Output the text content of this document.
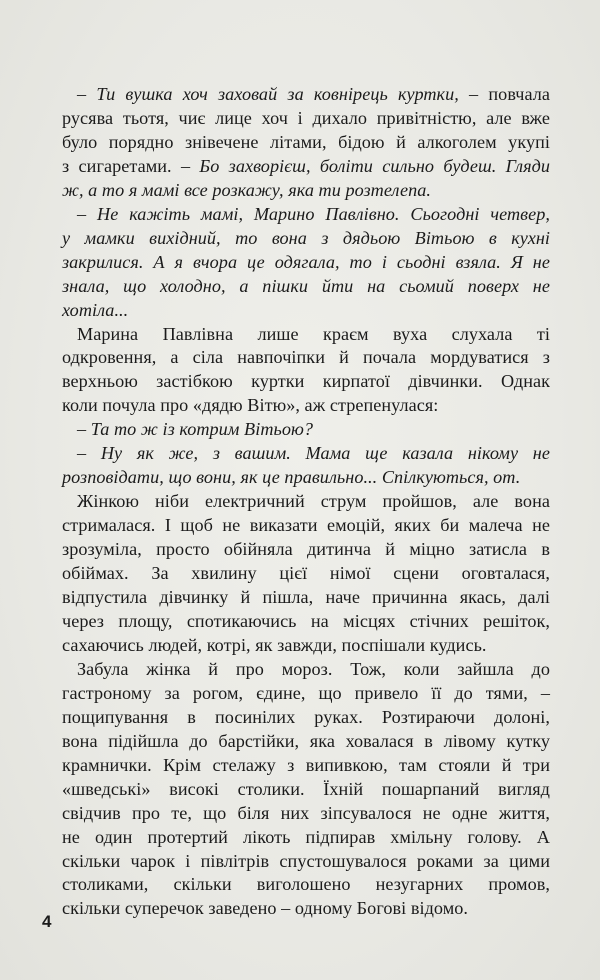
– Ти вушка хоч заховай за ковнірець куртки, – повчала
русява тьотя, чиє лице хоч і дихало привітністю, але вже
було порядно знівечене літами, бідою й алкоголем укупі
з сигаретами. – Бо захворієш, боліти сильно будеш. Гляди
ж, а то я мамі все розкажу, яка ти розтелепа.
– Не кажіть мамі, Марино Павлівно. Сьогодні четвер,
у мамки вихідний, то вона з дядьою Вітьою в кухні
закрилися. А я вчора це одягала, то і сьодні взяла. Я не
знала, що холодно, а пішки йти на сьомий поверх не
хотіла...
Марина Павлівна лише краєм вуха слухала ті
одкровення, а сіла навпочіпки й почала мордуватися з
верхньою застібкою куртки кирпатої дівчинки. Однак
коли почула про «дядю Вітю», аж стрепенулася:
– Та то ж із котрим Вітьою?
– Ну як же, з вашим. Мама ще казала нікому не
розповідати, що вони, як це правильно... Спілкуються, от.
Жінкою ніби електричний струм пройшов, але вона
стрималася. І щоб не виказати емоцій, яких би малеча не
зрозуміла, просто обійняла дитинча й міцно затисла в
обіймах. За хвилину цієї німої сцени оговталася,
відпустила дівчинку й пішла, наче причинна якась, далі
через площу, спотикаючись на місцях стічних решіток,
сахаючись людей, котрі, як завжди, поспішали кудись.
Забула жінка й про мороз. Тож, коли зайшла до
гастроному за рогом, єдине, що привело її до тями, –
пощипування в посинілих руках. Розтираючи долоні,
вона підійшла до барстійки, яка ховалася в лівому кутку
крамнички. Крім стелажу з випивкою, там стояли й три
«шведські» високі столики. Їхній пошарпаний вигляд
свідчив про те, що біля них зіпсувалося не одне життя,
не один протертий лікоть підпирав хмільну голову. А
скільки чарок і півлітрів спустошувалося роками за цими
столиками, скільки виголошено незугарних промов,
скільки суперечок заведено – одному Богові відомо.
4
